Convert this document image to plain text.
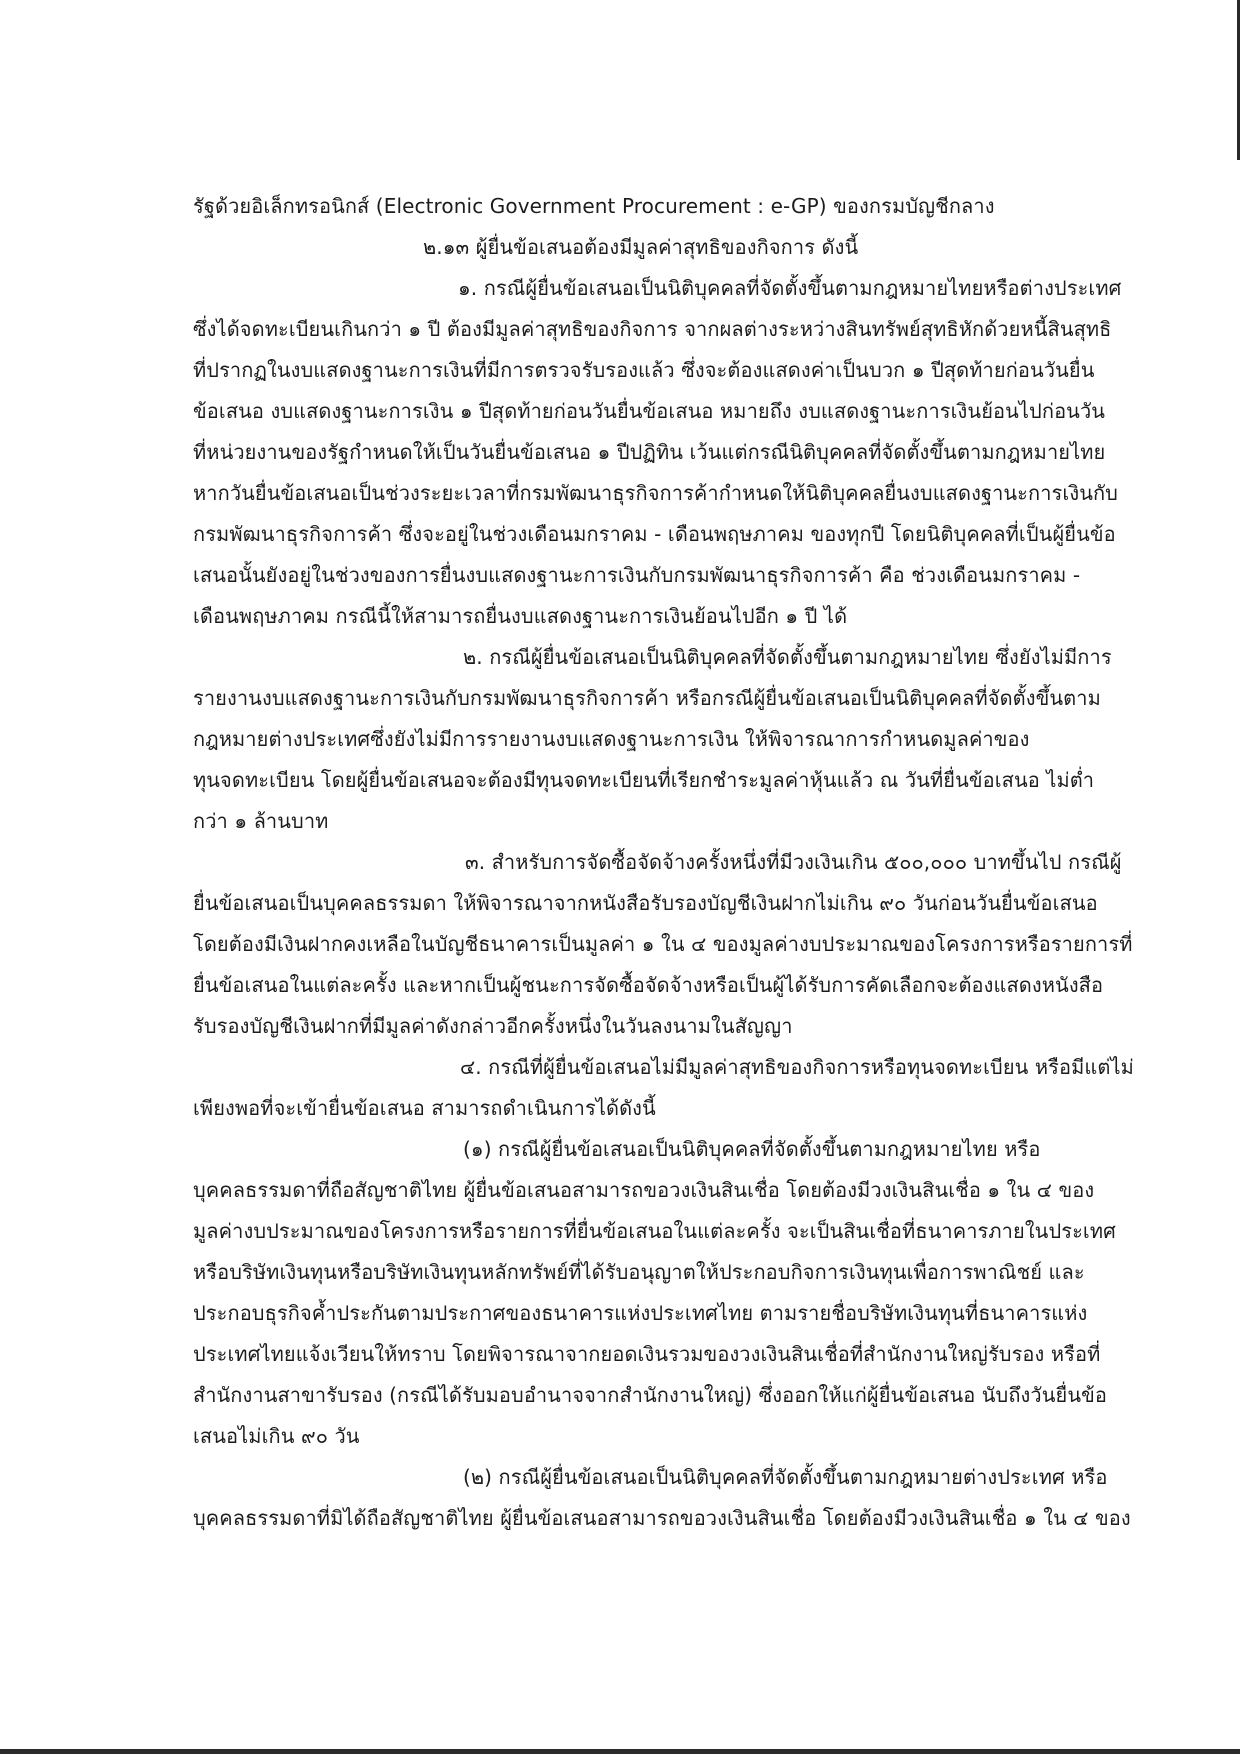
รัฐด้วยอิเล็กทรอนิกส์ (Electronic Government Procurement : e-GP) ของกรมบัญชีกลาง
๒.๑๓ ผู้ยื่นข้อเสนอต้องมีมูลค่าสุทธิของกิจการ ดังนี้
๑. กรณีผู้ยื่นข้อเสนอเป็นนิติบุคคลที่จัดตั้งขึ้นตามกฎหมายไทยหรือต่างประเทศ
ซึ่งได้จดทะเบียนเกินกว่า ๑ ปี ต้องมีมูลค่าสุทธิของกิจการ จากผลต่างระหว่างสินทรัพย์สุทธิหักด้วยหนี้สินสุทธิ
ที่ปรากฏในงบแสดงฐานะการเงินที่มีการตรวจรับรองแล้ว ซึ่งจะต้องแสดงค่าเป็นบวก ๑ ปีสุดท้ายก่อนวันยื่น
ข้อเสนอ งบแสดงฐานะการเงิน ๑ ปีสุดท้ายก่อนวันยื่นข้อเสนอ หมายถึง งบแสดงฐานะการเงินย้อนไปก่อนวัน
ที่หน่วยงานของรัฐกำหนดให้เป็นวันยื่นข้อเสนอ ๑ ปีปฏิทิน เว้นแต่กรณีนิติบุคคลที่จัดตั้งขึ้นตามกฎหมายไทย
หากวันยื่นข้อเสนอเป็นช่วงระยะเวลาที่กรมพัฒนาธุรกิจการค้ากำหนดให้นิติบุคคลยื่นงบแสดงฐานะการเงินกับ
กรมพัฒนาธุรกิจการค้า ซึ่งจะอยู่ในช่วงเดือนมกราคม - เดือนพฤษภาคม ของทุกปี โดยนิติบุคคลที่เป็นผู้ยื่นข้อ
เสนอนั้นยังอยู่ในช่วงของการยื่นงบแสดงฐานะการเงินกับกรมพัฒนาธุรกิจการค้า คือ ช่วงเดือนมกราคม -
เดือนพฤษภาคม กรณีนี้ให้สามารถยื่นงบแสดงฐานะการเงินย้อนไปอีก ๑ ปี ได้
๒. กรณีผู้ยื่นข้อเสนอเป็นนิติบุคคลที่จัดตั้งขึ้นตามกฎหมายไทย ซึ่งยังไม่มีการ
รายงานงบแสดงฐานะการเงินกับกรมพัฒนาธุรกิจการค้า หรือกรณีผู้ยื่นข้อเสนอเป็นนิติบุคคลที่จัดตั้งขึ้นตาม
กฎหมายต่างประเทศซึ่งยังไม่มีการรายงานงบแสดงฐานะการเงิน ให้พิจารณาการกำหนดมูลค่าของ
ทุนจดทะเบียน โดยผู้ยื่นข้อเสนอจะต้องมีทุนจดทะเบียนที่เรียกชำระมูลค่าหุ้นแล้ว ณ วันที่ยื่นข้อเสนอ ไม่ต่ำ
กว่า ๑ ล้านบาท
๓. สำหรับการจัดซื้อจัดจ้างครั้งหนึ่งที่มีวงเงินเกิน ๕๐๐,๐๐๐ บาทขึ้นไป กรณีผู้
ยื่นข้อเสนอเป็นบุคคลธรรมดา ให้พิจารณาจากหนังสือรับรองบัญชีเงินฝากไม่เกิน ๙๐ วันก่อนวันยื่นข้อเสนอ
โดยต้องมีเงินฝากคงเหลือในบัญชีธนาคารเป็นมูลค่า ๑ ใน ๔ ของมูลค่างบประมาณของโครงการหรือรายการที่
ยื่นข้อเสนอในแต่ละครั้ง และหากเป็นผู้ชนะการจัดซื้อจัดจ้างหรือเป็นผู้ได้รับการคัดเลือกจะต้องแสดงหนังสือ
รับรองบัญชีเงินฝากที่มีมูลค่าดังกล่าวอีกครั้งหนึ่งในวันลงนามในสัญญา
๔. กรณีที่ผู้ยื่นข้อเสนอไม่มีมูลค่าสุทธิของกิจการหรือทุนจดทะเบียน หรือมีแต่ไม่
เพียงพอที่จะเข้ายื่นข้อเสนอ สามารถดำเนินการได้ดังนี้
(๑) กรณีผู้ยื่นข้อเสนอเป็นนิติบุคคลที่จัดตั้งขึ้นตามกฎหมายไทย หรือ
บุคคลธรรมดาที่ถือสัญชาติไทย ผู้ยื่นข้อเสนอสามารถขอวงเงินสินเชื่อ โดยต้องมีวงเงินสินเชื่อ ๑ ใน ๔ ของ
มูลค่างบประมาณของโครงการหรือรายการที่ยื่นข้อเสนอในแต่ละครั้ง จะเป็นสินเชื่อที่ธนาคารภายในประเทศ
หรือบริษัทเงินทุนหรือบริษัทเงินทุนหลักทรัพย์ที่ได้รับอนุญาตให้ประกอบกิจการเงินทุนเพื่อการพาณิชย์ และ
ประกอบธุรกิจค้ำประกันตามประกาศของธนาคารแห่งประเทศไทย ตามรายชื่อบริษัทเงินทุนที่ธนาคารแห่ง
ประเทศไทยแจ้งเวียนให้ทราบ โดยพิจารณาจากยอดเงินรวมของวงเงินสินเชื่อที่สำนักงานใหญ่รับรอง หรือที่
สำนักงานสาขารับรอง (กรณีได้รับมอบอำนาจจากสำนักงานใหญ่) ซึ่งออกให้แก่ผู้ยื่นข้อเสนอ นับถึงวันยื่นข้อ
เสนอไม่เกิน ๙๐ วัน
(๒) กรณีผู้ยื่นข้อเสนอเป็นนิติบุคคลที่จัดตั้งขึ้นตามกฎหมายต่างประเทศ หรือ
บุคคลธรรมดาที่มิได้ถือสัญชาติไทย ผู้ยื่นข้อเสนอสามารถขอวงเงินสินเชื่อ โดยต้องมีวงเงินสินเชื่อ ๑ ใน ๔ ของ
